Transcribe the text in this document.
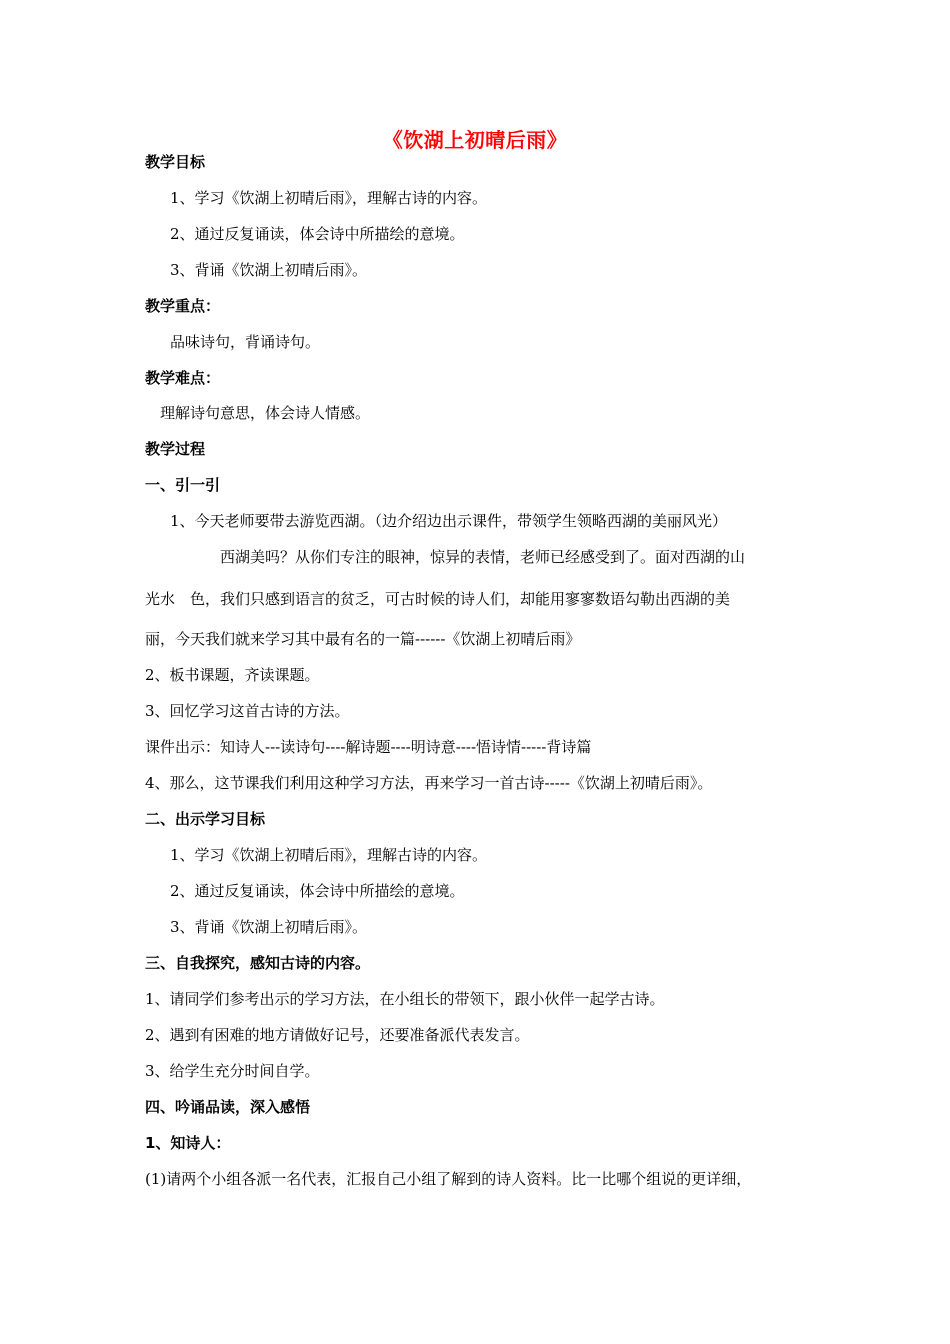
《饮湖上初晴后雨》
教学目标
1、学习《饮湖上初晴后雨》，理解古诗的内容。
2、通过反复诵读，体会诗中所描绘的意境。
3、背诵《饮湖上初晴后雨》。
教学重点：
品味诗句，背诵诗句。
教学难点：
理解诗句意思，体会诗人情感。
教学过程
一、引一引
1、今天老师要带去游览西湖。（边介绍边出示课件，带领学生领略西湖的美丽风光）
西湖美吗？从你们专注的眼神，惊异的表情，老师已经感受到了。面对西湖的山
光水　色，我们只感到语言的贫乏，可古时候的诗人们，却能用寥寥数语勾勒出西湖的美
丽，今天我们就来学习其中最有名的一篇------《饮湖上初晴后雨》
2、板书课题，齐读课题。
3、回忆学习这首古诗的方法。
课件出示：知诗人---读诗句----解诗题----明诗意----悟诗情-----背诗篇
4、那么，这节课我们利用这种学习方法，再来学习一首古诗-----《饮湖上初晴后雨》。
二、出示学习目标
1、学习《饮湖上初晴后雨》，理解古诗的内容。
2、通过反复诵读，体会诗中所描绘的意境。
3、背诵《饮湖上初晴后雨》。
三、自我探究，感知古诗的内容。
1、请同学们参考出示的学习方法，在小组长的带领下，跟小伙伴一起学古诗。
2、遇到有困难的地方请做好记号，还要准备派代表发言。
3、给学生充分时间自学。
四、吟诵品读，深入感悟
1、知诗人：
(1)请两个小组各派一名代表，汇报自己小组了解到的诗人资料。比一比哪个组说的更详细，
